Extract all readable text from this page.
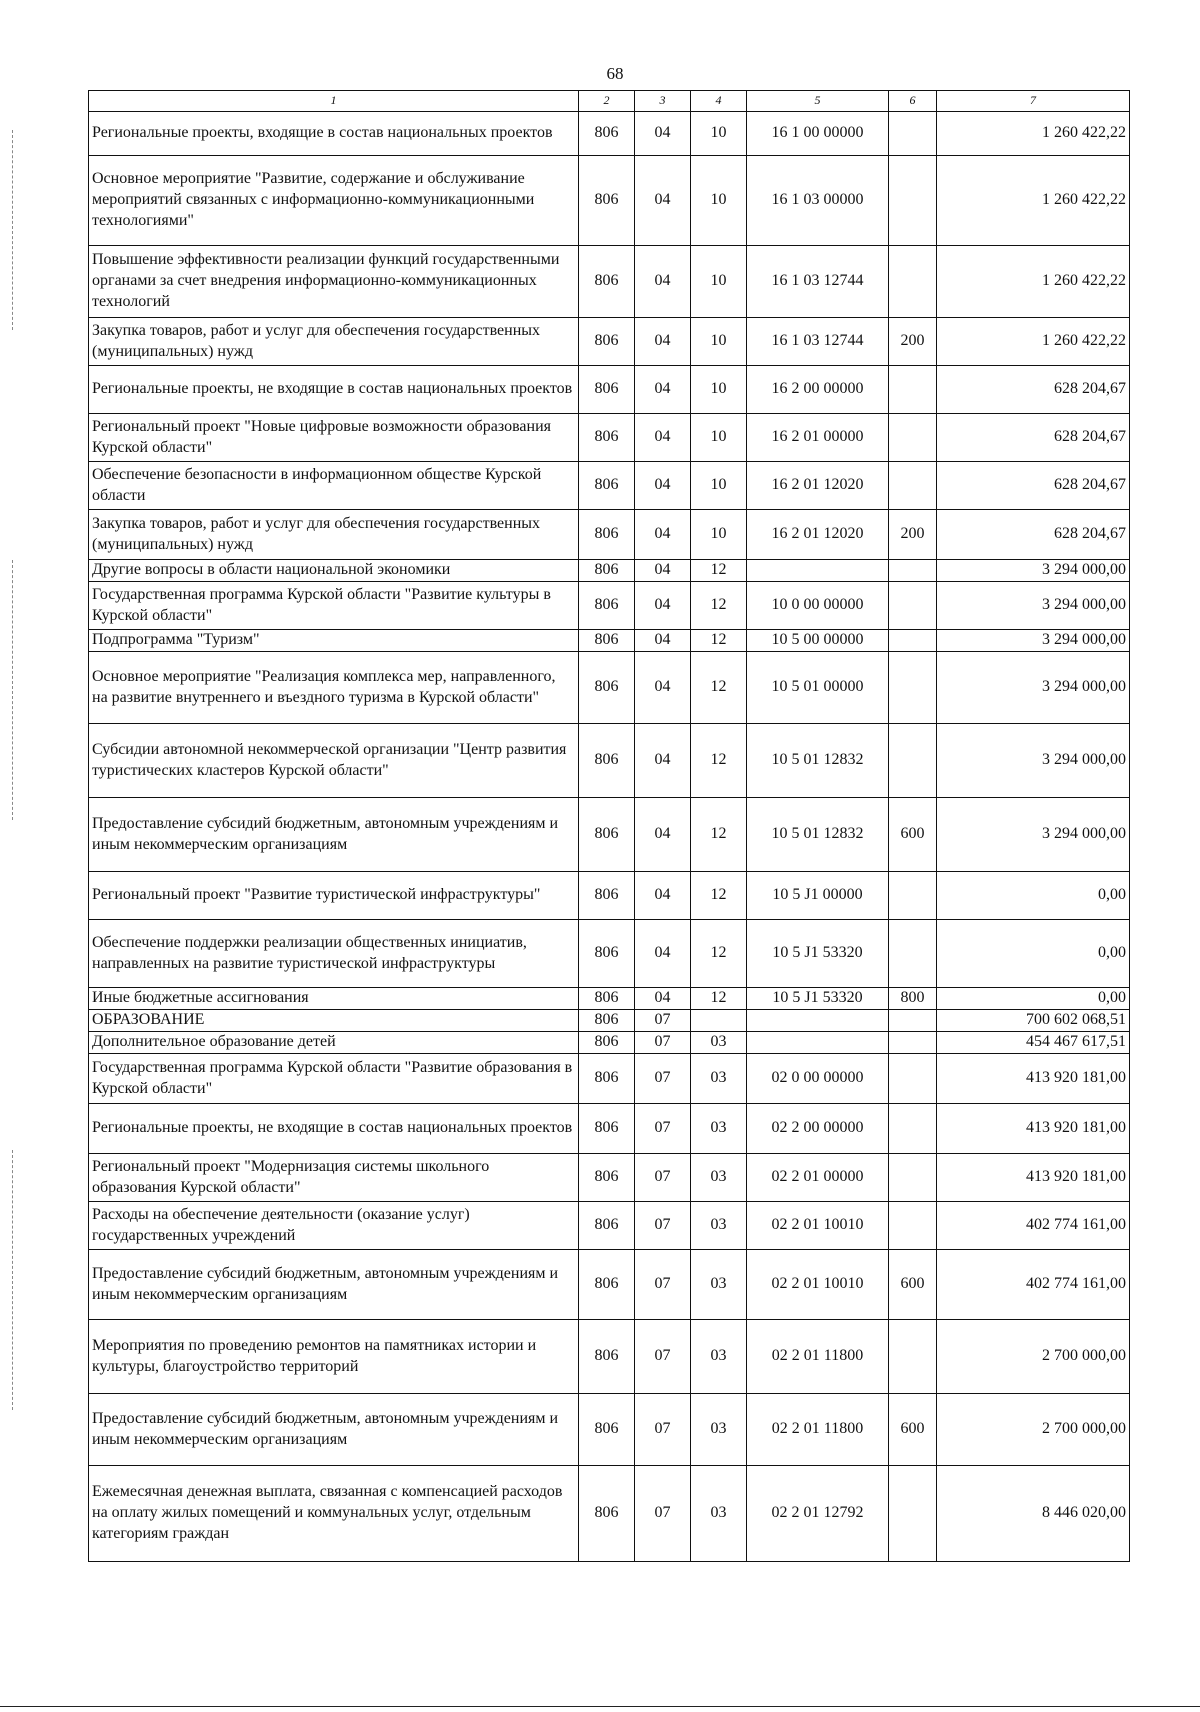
68
1	2	3	4	5	6	7
Региональные проекты, входящие в состав национальных проектов	806	04	10	16 1 00 00000		1 260 422,22
Основное мероприятие "Развитие, содержание и обслуживание мероприятий связанных с информационно-коммуникационными технологиями"	806	04	10	16 1 03 00000		1 260 422,22
Повышение эффективности реализации функций государственными органами за счет внедрения информационно-коммуникационных технологий	806	04	10	16 1 03 12744		1 260 422,22
Закупка товаров, работ и услуг для обеспечения государственных (муниципальных) нужд	806	04	10	16 1 03 12744	200	1 260 422,22
Региональные проекты, не входящие в состав национальных проектов	806	04	10	16 2 00 00000		628 204,67
Региональный проект "Новые цифровые возможности образования Курской области"	806	04	10	16 2 01 00000		628 204,67
Обеспечение безопасности в информационном обществе Курской области	806	04	10	16 2 01 12020		628 204,67
Закупка товаров, работ и услуг для обеспечения государственных (муниципальных) нужд	806	04	10	16 2 01 12020	200	628 204,67
Другие вопросы в области национальной экономики	806	04	12			3 294 000,00
Государственная программа Курской области "Развитие культуры в Курской области"	806	04	12	10 0 00 00000		3 294 000,00
Подпрограмма "Туризм"	806	04	12	10 5 00 00000		3 294 000,00
Основное мероприятие "Реализация комплекса мер, направленного, на развитие внутреннего и въездного туризма в Курской области"	806	04	12	10 5 01 00000		3 294 000,00
Субсидии автономной некоммерческой организации "Центр развития туристических кластеров Курской области"	806	04	12	10 5 01 12832		3 294 000,00
Предоставление субсидий бюджетным, автономным учреждениям и иным некоммерческим организациям	806	04	12	10 5 01 12832	600	3 294 000,00
Региональный проект "Развитие туристической инфраструктуры"	806	04	12	10 5 J1 00000		0,00
Обеспечение поддержки реализации общественных инициатив, направленных на развитие туристической инфраструктуры	806	04	12	10 5 J1 53320		0,00
Иные бюджетные ассигнования	806	04	12	10 5 J1 53320	800	0,00
ОБРАЗОВАНИЕ	806	07				700 602 068,51
Дополнительное образование детей	806	07	03			454 467 617,51
Государственная программа Курской области "Развитие образования в Курской области"	806	07	03	02 0 00 00000		413 920 181,00
Региональные проекты, не входящие в состав национальных проектов	806	07	03	02 2 00 00000		413 920 181,00
Региональный проект "Модернизация системы школьного образования Курской области"	806	07	03	02 2 01 00000		413 920 181,00
Расходы на обеспечение деятельности (оказание услуг) государственных учреждений	806	07	03	02 2 01 10010		402 774 161,00
Предоставление субсидий бюджетным, автономным учреждениям и иным некоммерческим организациям	806	07	03	02 2 01 10010	600	402 774 161,00
Мероприятия по проведению ремонтов на памятниках истории и культуры, благоустройство территорий	806	07	03	02 2 01 11800		2 700 000,00
Предоставление субсидий бюджетным, автономным учреждениям и иным некоммерческим организациям	806	07	03	02 2 01 11800	600	2 700 000,00
Ежемесячная денежная выплата, связанная с компенсацией расходов на оплату жилых помещений и коммунальных услуг, отдельным категориям граждан	806	07	03	02 2 01 12792		8 446 020,00
